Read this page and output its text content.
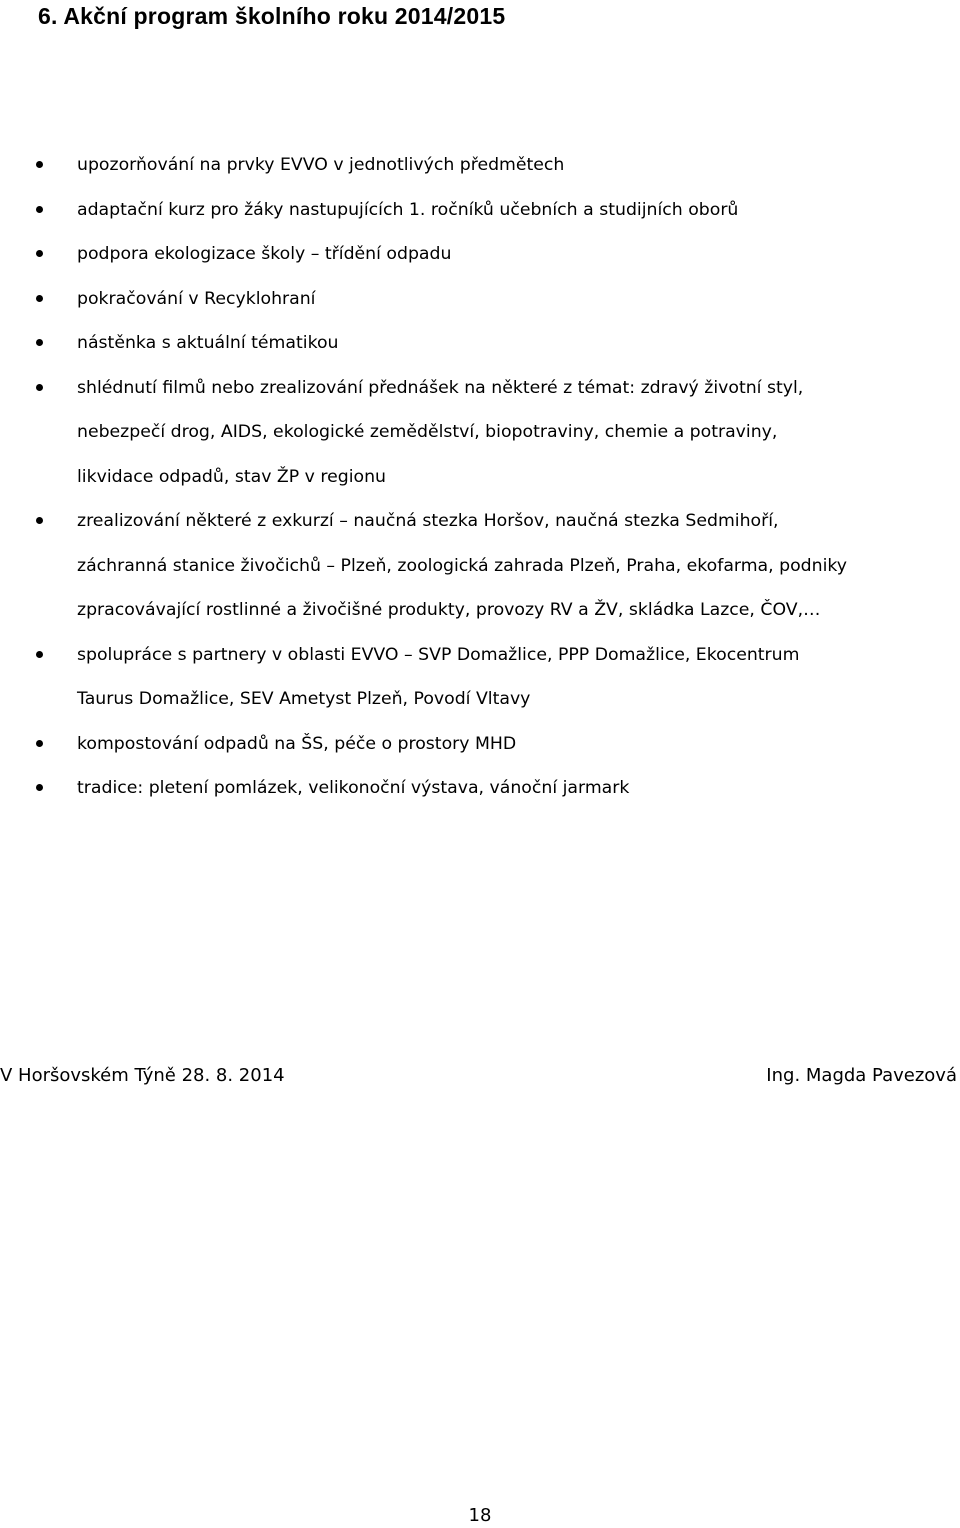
6. Akční program školního roku 2014/2015
upozorňování na prvky EVVO v jednotlivých předmětech
adaptační kurz pro žáky nastupujících 1. ročníků učebních a studijních oborů
podpora ekologizace školy – třídění odpadu
pokračování v Recyklohraní
nástěnka s aktuální tématikou
shlédnutí filmů nebo zrealizování přednášek na některé z témat: zdravý životní styl,
nebezpečí drog, AIDS, ekologické zemědělství, biopotraviny, chemie a potraviny,
likvidace odpadů, stav ŽP v regionu
zrealizování některé z exkurzí – naučná stezka Horšov, naučná stezka Sedmihoří,
záchranná stanice živočichů – Plzeň, zoologická zahrada Plzeň, Praha, ekofarma, podniky
zpracovávající rostlinné a živočišné produkty, provozy RV a ŽV, skládka Lazce, ČOV,…
spolupráce s partnery v oblasti EVVO – SVP Domažlice, PPP Domažlice, Ekocentrum
Taurus Domažlice, SEV Ametyst Plzeň, Povodí Vltavy
kompostování odpadů na ŠS, péče o prostory MHD
tradice: pletení pomlázek, velikonoční výstava, vánoční jarmark

V Horšovském Týně 28. 8. 2014	Ing. Magda Pavezová

18
